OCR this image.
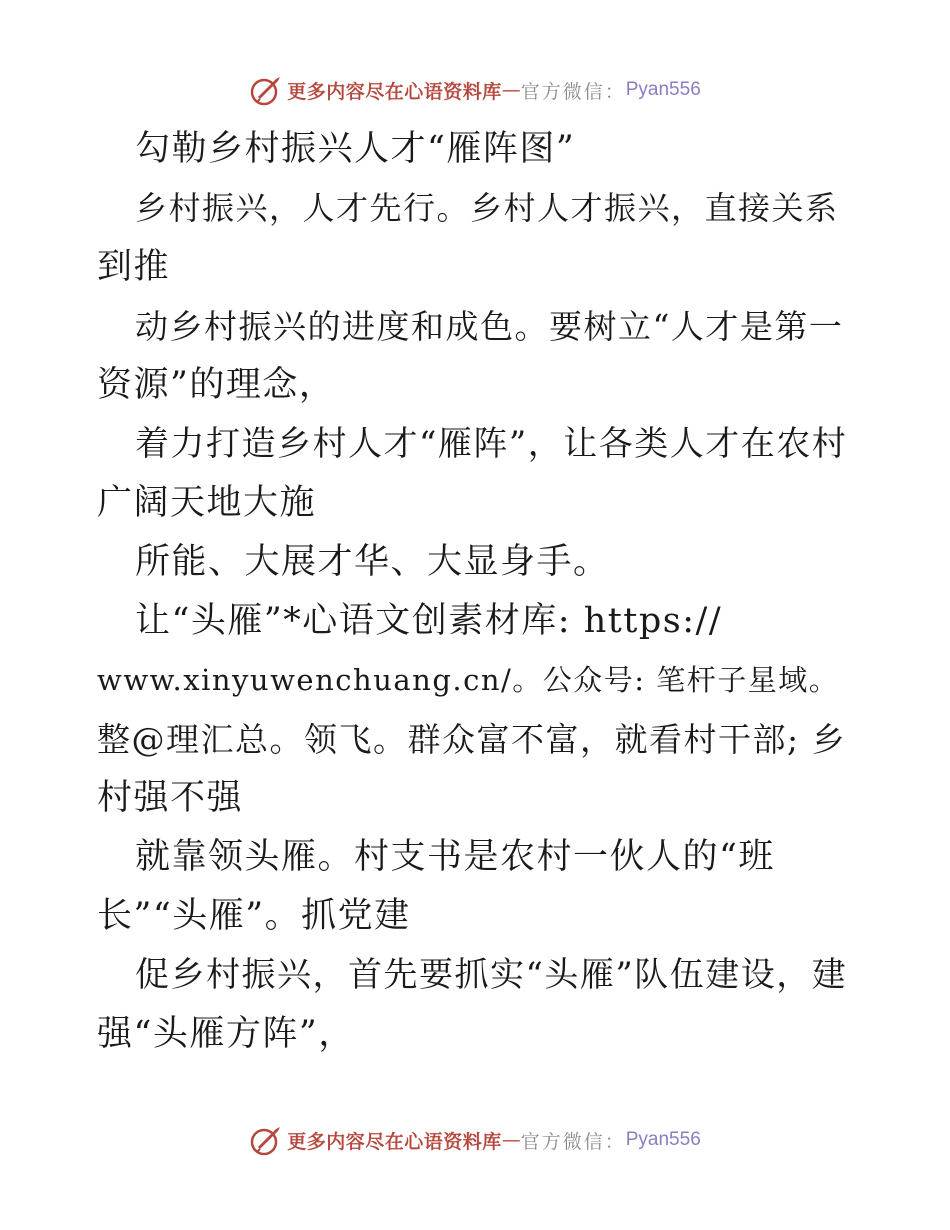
更多内容尽在心语资料库 — 官方微信： Pyan556
勾勒乡村振兴人才“雁阵图”
乡村振兴，人才先行。乡村人才振兴，直接关系
到推
动乡村振兴的进度和成色。要树立“人才是第一
资源”的理念，
着力打造乡村人才“雁阵”，让各类人才在农村
广阔天地大施
所能、大展才华、大显身手。
让“头雁”*心语文创素材库: https://
www.xinyuwenchuang.cn/。公众号: 笔杆子星域。
整@理汇总。领飞。群众富不富，就看村干部; 乡
村强不强
就靠领头雁。村支书是农村一伙人的“班
长”“头雁”。抓党建
促乡村振兴，首先要抓实“头雁”队伍建设，建
强“头雁方阵”，
更多内容尽在心语资料库 — 官方微信： Pyan556
